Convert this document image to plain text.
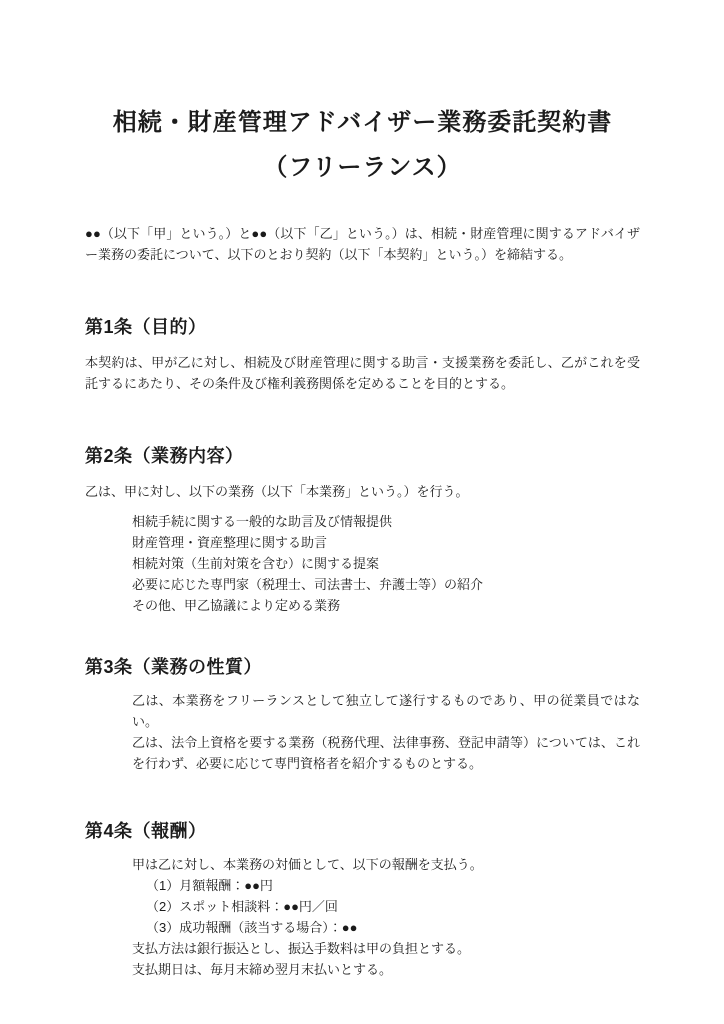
相続・財産管理アドバイザー業務委託契約書
（フリーランス）

●●（以下「甲」という。）と●●（以下「乙」という。）は、相続・財産管理に関するアドバイザー業務の委託について、以下のとおり契約（以下「本契約」という。）を締結する。

第1条（目的）

本契約は、甲が乙に対し、相続及び財産管理に関する助言・支援業務を委託し、乙がこれを受託するにあたり、その条件及び権利義務関係を定めることを目的とする。

第2条（業務内容）

乙は、甲に対し、以下の業務（以下「本業務」という。）を行う。

相続手続に関する一般的な助言及び情報提供
財産管理・資産整理に関する助言
相続対策（生前対策を含む）に関する提案
必要に応じた専門家（税理士、司法書士、弁護士等）の紹介
その他、甲乙協議により定める業務
第3条（業務の性質）

乙は、本業務をフリーランスとして独立して遂行するものであり、甲の従業員ではない。

乙は、法令上資格を要する業務（税務代理、法律事務、登記申請等）については、これを行わず、必要に応じて専門資格者を紹介するものとする。

第4条（報酬）

甲は乙に対し、本業務の対価として、以下の報酬を支払う。

（1）月額報酬：●●円
（2）スポット相談料：●●円／回
（3）成功報酬（該当する場合）：●●

支払方法は銀行振込とし、振込手数料は甲の負担とする。

支払期日は、毎月末締め翌月末払いとする。
